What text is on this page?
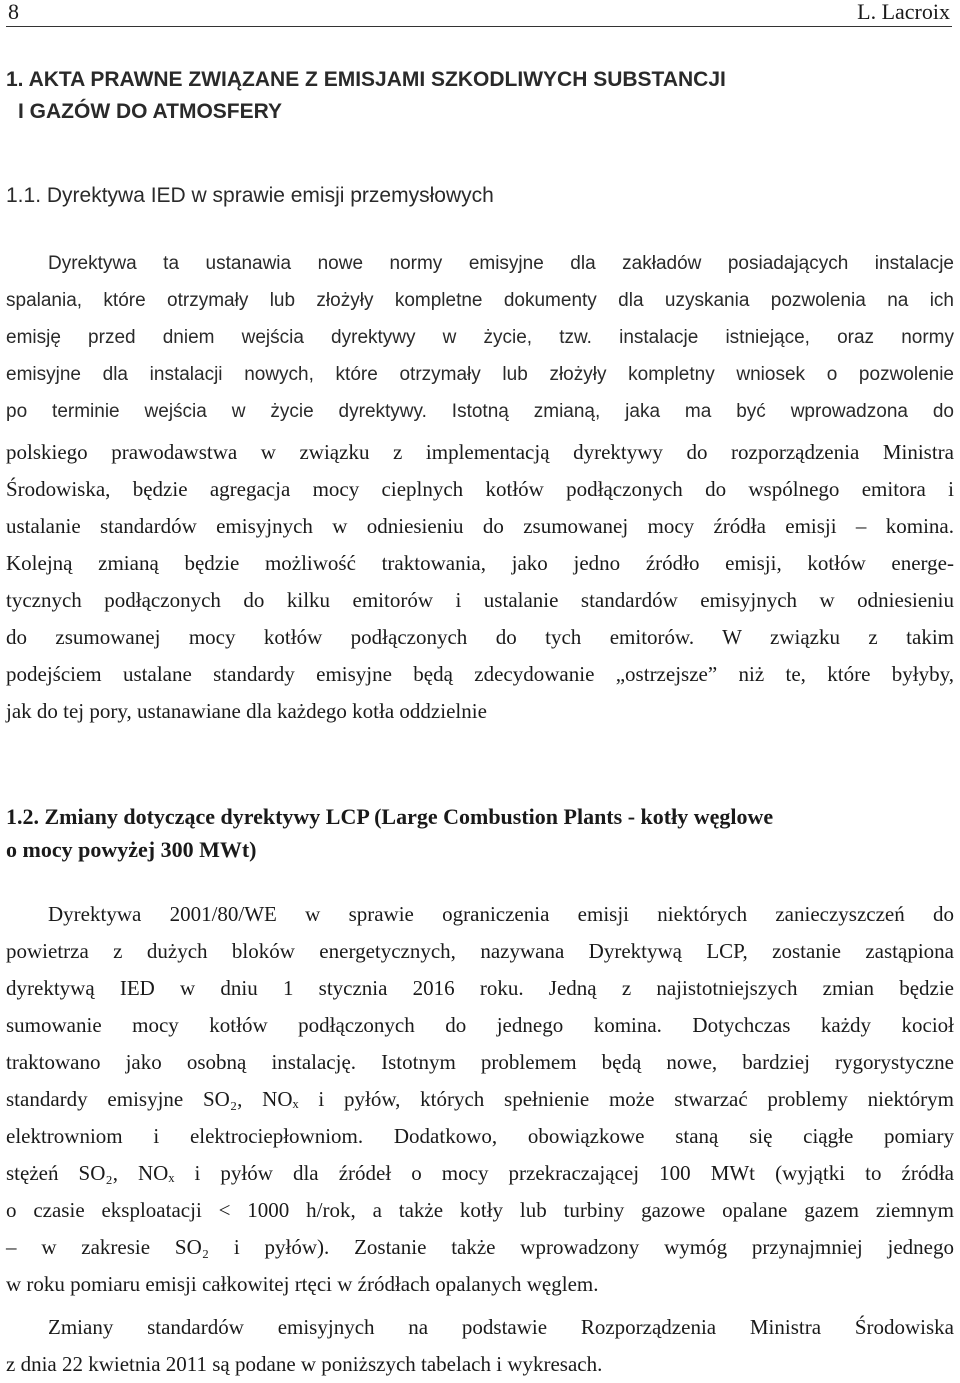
8	L. Lacroix
1. AKTA PRAWNE ZWIĄZANE Z EMISJAMI SZKODLIWYCH SUBSTANCJI
I GAZÓW DO ATMOSFERY
1.1. Dyrektywa IED w sprawie emisji przemysłowych
Dyrektywa ta ustanawia nowe normy emisyjne dla zakładów posiadających instalacje
spalania, które otrzymały lub złożyły kompletne dokumenty dla uzyskania pozwolenia na ich
emisję przed dniem wejścia dyrektywy w życie, tzw. instalacje istniejące, oraz normy
emisyjne dla instalacji nowych, które otrzymały lub złożyły kompletny wniosek o pozwolenie
po terminie wejścia w życie dyrektywy. Istotną zmianą, jaka ma być wprowadzona do
polskiego prawodawstwa w związku z implementacją dyrektywy do rozporządzenia Ministra
Środowiska, będzie agregacja mocy cieplnych kotłów podłączonych do wspólnego emitora i
ustalanie standardów emisyjnych w odniesieniu do zsumowanej mocy źródła emisji – komina.
Kolejną zmianą będzie możliwość traktowania, jako jedno źródło emisji, kotłów energe-
tycznych podłączonych do kilku emitorów i ustalanie standardów emisyjnych w odniesieniu
do zsumowanej mocy kotłów podłączonych do tych emitorów. W związku z takim
podejściem ustalane standardy emisyjne będą zdecydowanie „ostrzejsze” niż te, które byłyby,
jak do tej pory, ustanawiane dla każdego kotła oddzielnie
1.2. Zmiany dotyczące dyrektywy LCP (Large Combustion Plants - kotły węglowe
o mocy powyżej 300 MWt)
Dyrektywa 2001/80/WE w sprawie ograniczenia emisji niektórych zanieczyszczeń do
powietrza z dużych bloków energetycznych, nazywana Dyrektywą LCP, zostanie zastąpiona
dyrektywą IED w dniu 1 stycznia 2016 roku. Jedną z najistotniejszych zmian będzie
sumowanie mocy kotłów podłączonych do jednego komina. Dotychczas każdy kocioł
traktowano jako osobną instalację. Istotnym problemem będą nowe, bardziej rygorystyczne
standardy emisyjne SO₂, NOₓ i pyłów, których spełnienie może stwarzać problemy niektórym
elektrowniom i elektrociepłowniom. Dodatkowo, obowiązkowe staną się ciągłe pomiary
stężeń SO₂, NOₓ i pyłów dla źródeł o mocy przekraczającej 100 MWt (wyjątki to źródła
o czasie eksploatacji < 1000 h/rok, a także kotły lub turbiny gazowe opalane gazem ziemnym
– w zakresie SO₂ i pyłów). Zostanie także wprowadzony wymóg przynajmniej jednego
w roku pomiaru emisji całkowitej rtęci w źródłach opalanych węglem.
Zmiany standardów emisyjnych na podstawie Rozporządzenia Ministra Środowiska
z dnia 22 kwietnia 2011 są podane w poniższych tabelach i wykresach.
